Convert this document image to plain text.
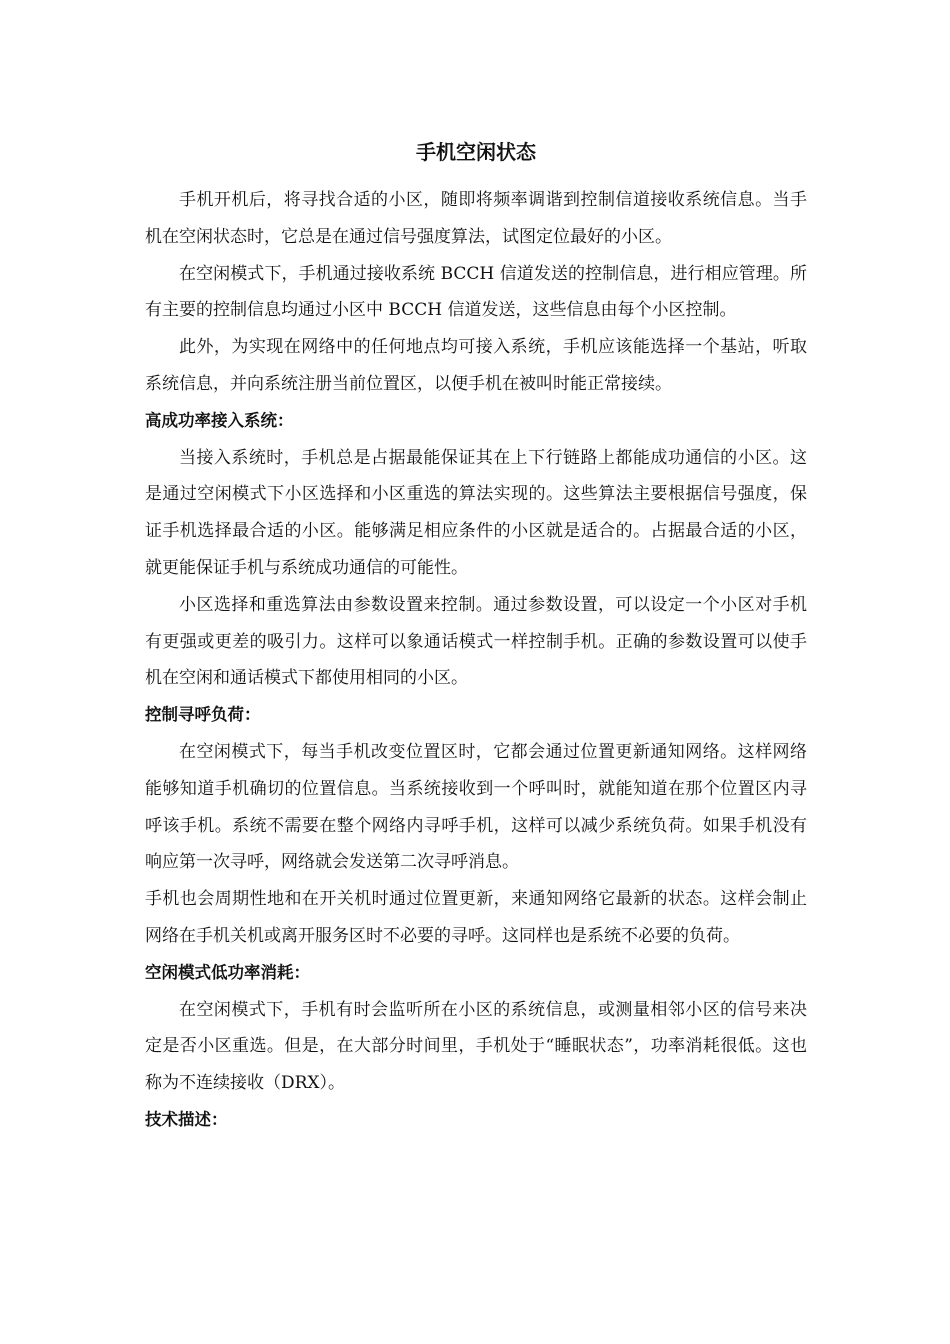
手机空闲状态

手机开机后，将寻找合适的小区，随即将频率调谐到控制信道接收系统信息。当手机在空闲状态时，它总是在通过信号强度算法，试图定位最好的小区。

在空闲模式下，手机通过接收系统 BCCH 信道发送的控制信息，进行相应管理。所有主要的控制信息均通过小区中 BCCH 信道发送，这些信息由每个小区控制。

此外，为实现在网络中的任何地点均可接入系统，手机应该能选择一个基站，听取系统信息，并向系统注册当前位置区，以便手机在被叫时能正常接续。

高成功率接入系统：

当接入系统时，手机总是占据最能保证其在上下行链路上都能成功通信的小区。这是通过空闲模式下小区选择和小区重选的算法实现的。这些算法主要根据信号强度，保证手机选择最合适的小区。能够满足相应条件的小区就是适合的。占据最合适的小区，就更能保证手机与系统成功通信的可能性。

小区选择和重选算法由参数设置来控制。通过参数设置，可以设定一个小区对手机有更强或更差的吸引力。这样可以象通话模式一样控制手机。正确的参数设置可以使手机在空闲和通话模式下都使用相同的小区。

控制寻呼负荷：

在空闲模式下，每当手机改变位置区时，它都会通过位置更新通知网络。这样网络能够知道手机确切的位置信息。当系统接收到一个呼叫时，就能知道在那个位置区内寻呼该手机。系统不需要在整个网络内寻呼手机，这样可以减少系统负荷。如果手机没有响应第一次寻呼，网络就会发送第二次寻呼消息。

手机也会周期性地和在开关机时通过位置更新，来通知网络它最新的状态。这样会制止网络在手机关机或离开服务区时不必要的寻呼。这同样也是系统不必要的负荷。

空闲模式低功率消耗：

在空闲模式下，手机有时会监听所在小区的系统信息，或测量相邻小区的信号来决定是否小区重选。但是，在大部分时间里，手机处于“睡眠状态”，功率消耗很低。这也称为不连续接收（DRX）。

技术描述：
